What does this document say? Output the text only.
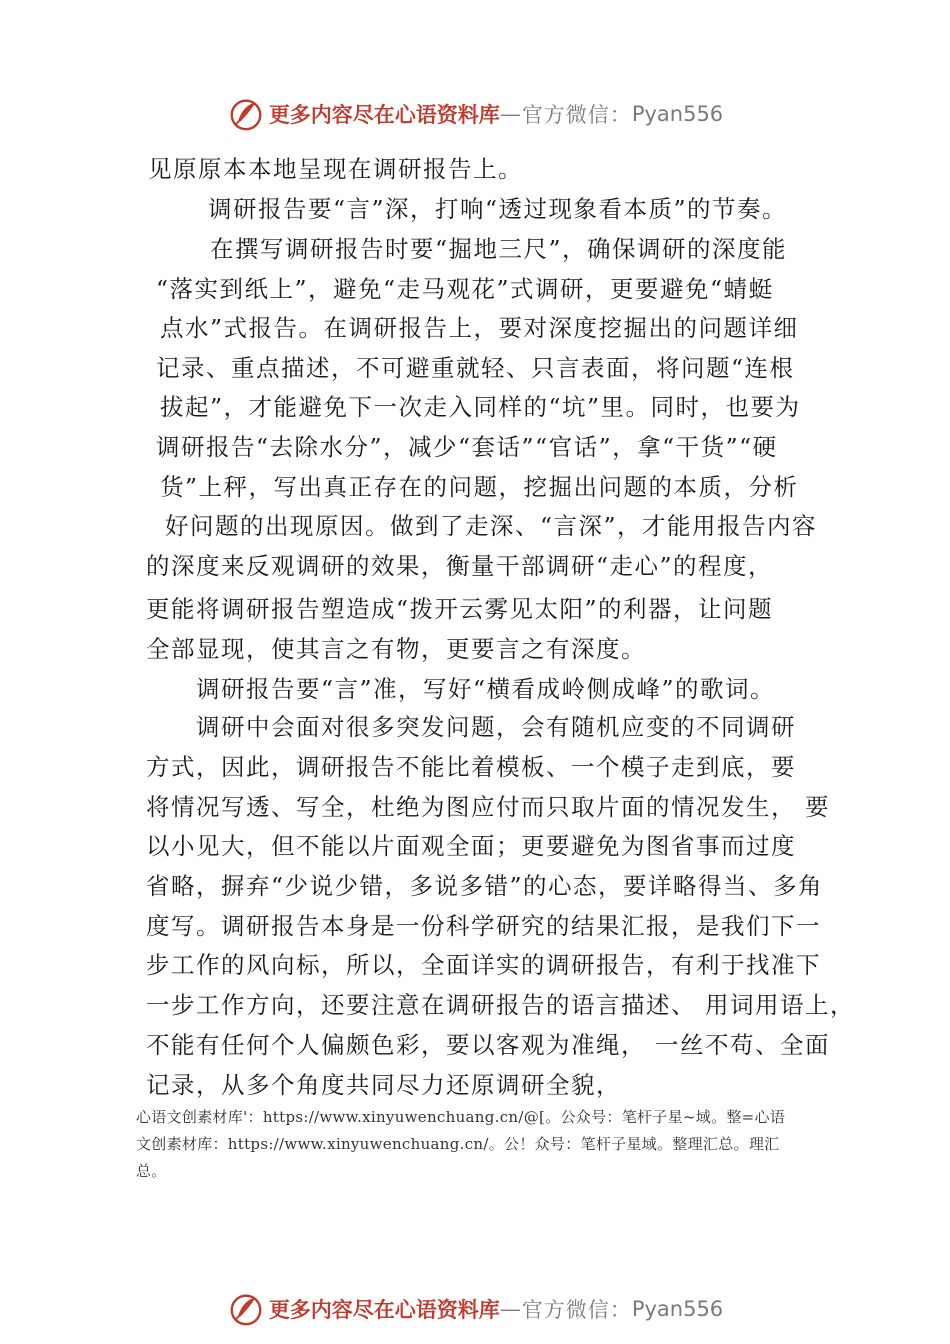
更多内容尽在心语资料库 — 官方微信： Pyan556
见原原本本地呈现在调研报告上。
调研报告要“言”深，打响“透过现象看本质”的节奏。
在撰写调研报告时要“掘地三尺”，确保调研的深度能
“落实到纸上”，避免“走马观花”式调研，更要避免“蜻蜓
点水”式报告。在调研报告上，要对深度挖掘出的问题详细
记录、重点描述，不可避重就轻、只言表面，将问题“连根
拔起”，才能避免下一次走入同样的“坑”里。同时，也要为
调研报告“去除水分”，减少“套话”“官话”，拿“干货”“硬
货”上秤，写出真正存在的问题，挖掘出问题的本质，分析
好问题的出现原因。做到了走深、“言深”，才能用报告内容
的深度来反观调研的效果，衡量干部调研“走心”的程度，
更能将调研报告塑造成“拨开云雾见太阳”的利器，让问题
全部显现，使其言之有物，更要言之有深度。
调研报告要“言”准，写好“横看成岭侧成峰”的歌词。
调研中会面对很多突发问题，会有随机应变的不同调研
方式，因此，调研报告不能比着模板、一个模子走到底，要
将情况写透、写全，杜绝为图应付而只取片面的情况发生， 要
以小见大，但不能以片面观全面；更要避免为图省事而过度
省略，摒弃“少说少错，多说多错”的心态，要详略得当、多角
度写。调研报告本身是一份科学研究的结果汇报，是我们下一
步工作的风向标，所以，全面详实的调研报告，有利于找准下
一步工作方向，还要注意在调研报告的语言描述、 用词用语上，
不能有任何个人偏颇色彩，要以客观为准绳， 一丝不苟、全面
记录，从多个角度共同尽力还原调研全貌，
心语文创素材库'：https://www.xinyuwenchuang.cn/@[。公众号：笔杆子星~域。整=心语
文创素材库：https://www.xinyuwenchuang.cn/。公！众号：笔杆子星域。整理汇总。理汇
总。
更多内容尽在心语资料库 — 官方微信： Pyan556
